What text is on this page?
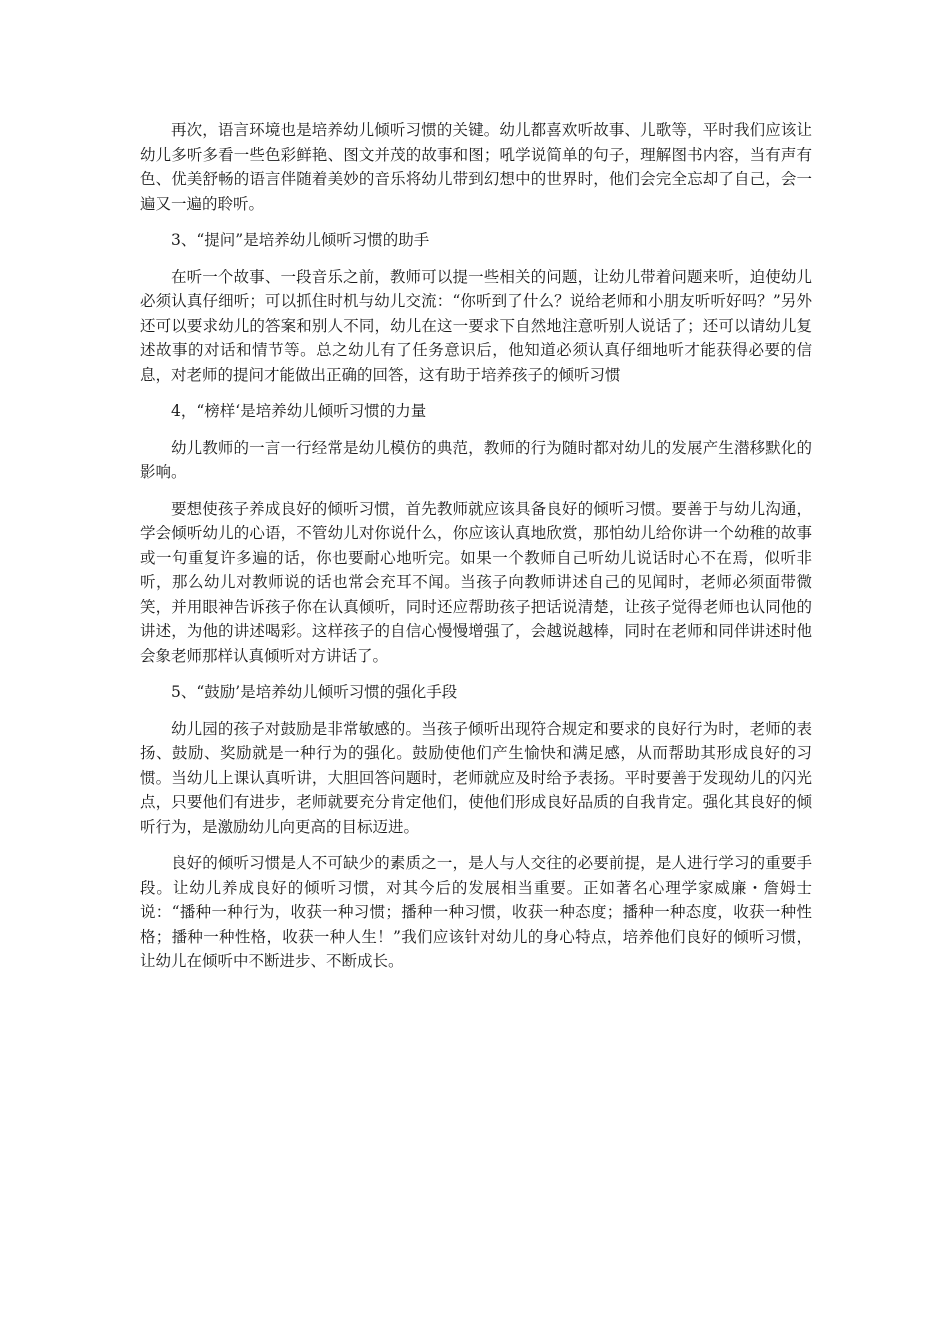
再次，语言环境也是培养幼儿倾听习惯的关键。幼儿都喜欢听故事、儿歌等，平时我们应该让幼儿多听多看一些色彩鲜艳、图文并茂的故事和图；吼学说简单的句子，理解图书内容，当有声有色、优美舒畅的语言伴随着美妙的音乐将幼儿带到幻想中的世界时，他们会完全忘却了自己，会一遍又一遍的聆听。

3、“提问”是培养幼儿倾听习惯的助手

在听一个故事、一段音乐之前，教师可以提一些相关的问题，让幼儿带着问题来听，迫使幼儿必须认真仔细听；可以抓住时机与幼儿交流：“你听到了什么？说给老师和小朋友听听好吗？”另外还可以要求幼儿的答案和别人不同，幼儿在这一要求下自然地注意听别人说话了；还可以请幼儿复述故事的对话和情节等。总之幼儿有了任务意识后，他知道必须认真仔细地听才能获得必要的信息，对老师的提问才能做出正确的回答，这有助于培养孩子的倾听习惯

4，“榜样‘是培养幼儿倾听习惯的力量

幼儿教师的一言一行经常是幼儿模仿的典范，教师的行为随时都对幼儿的发展产生潜移默化的影响。

要想使孩子养成良好的倾听习惯，首先教师就应该具备良好的倾听习惯。要善于与幼儿沟通，学会倾听幼儿的心语，不管幼儿对你说什么，你应该认真地欣赏，那怕幼儿给你讲一个幼稚的故事或一句重复许多遍的话，你也要耐心地听完。如果一个教师自己听幼儿说话时心不在焉，似听非听，那么幼儿对教师说的话也常会充耳不闻。当孩子向教师讲述自己的见闻时，老师必须面带微笑，并用眼神告诉孩子你在认真倾听，同时还应帮助孩子把话说清楚，让孩子觉得老师也认同他的讲述，为他的讲述喝彩。这样孩子的自信心慢慢增强了，会越说越棒，同时在老师和同伴讲述时他会象老师那样认真倾听对方讲话了。

5、“鼓励’是培养幼儿倾听习惯的强化手段

幼儿园的孩子对鼓励是非常敏感的。当孩子倾听出现符合规定和要求的良好行为时，老师的表扬、鼓励、奖励就是一种行为的强化。鼓励使他们产生愉快和满足感，从而帮助其形成良好的习惯。当幼儿上课认真听讲，大胆回答问题时，老师就应及时给予表扬。平时要善于发现幼儿的闪光点，只要他们有进步，老师就要充分肯定他们，使他们形成良好品质的自我肯定。强化其良好的倾听行为，是激励幼儿向更高的目标迈进。

良好的倾听习惯是人不可缺少的素质之一，是人与人交往的必要前提，是人进行学习的重要手段。让幼儿养成良好的倾听习惯，对其今后的发展相当重要。正如著名心理学家威廉・詹姆士说：“播种一种行为，收获一种习惯；播种一种习惯，收获一种态度；播种一种态度，收获一种性格；播种一种性格，收获一种人生！”我们应该针对幼儿的身心特点，培养他们良好的倾听习惯，让幼儿在倾听中不断进步、不断成长。
